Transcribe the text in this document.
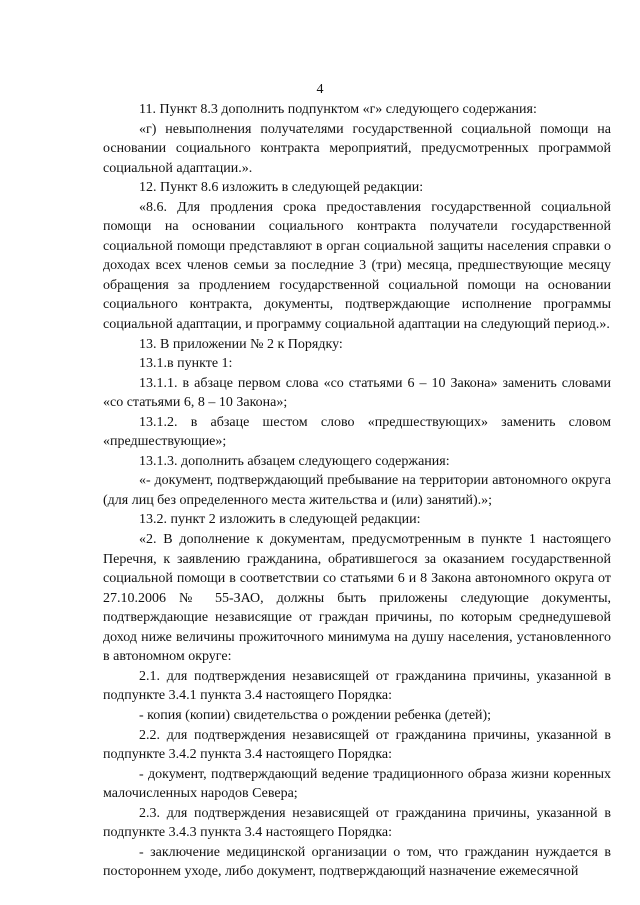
4

11. Пункт 8.3 дополнить подпунктом «г» следующего содержания:

«г) невыполнения получателями государственной социальной помощи на основании социального контракта мероприятий, предусмотренных программой социальной адаптации.».

12. Пункт 8.6 изложить в следующей редакции:

«8.6. Для продления срока предоставления государственной социальной помощи на основании социального контракта получатели государственной социальной помощи представляют в орган социальной защиты населения справки о доходах всех членов семьи за последние 3 (три) месяца, предшествующие месяцу обращения за продлением государственной социальной помощи на основании социального контракта, документы, подтверждающие исполнение программы социальной адаптации, и программу социальной адаптации на следующий период.».

13. В приложении № 2 к Порядку:

13.1.в пункте 1:

13.1.1. в абзаце первом слова «со статьями 6 – 10 Закона» заменить словами «со статьями 6, 8 – 10 Закона»;

13.1.2. в абзаце шестом слово «предшествующих» заменить словом «предшествующие»;

13.1.3. дополнить абзацем следующего содержания:

«- документ, подтверждающий пребывание на территории автономного округа (для лиц без определенного места жительства и (или) занятий).»;

13.2. пункт 2 изложить в следующей редакции:

«2. В дополнение к документам, предусмотренным в пункте 1 настоящего Перечня, к заявлению гражданина, обратившегося за оказанием государственной социальной помощи в соответствии со статьями 6 и 8 Закона автономного округа от 27.10.2006 № 55-ЗАО, должны быть приложены следующие документы, подтверждающие независящие от граждан причины, по которым среднедушевой доход ниже величины прожиточного минимума на душу населения, установленного в автономном округе:

2.1. для подтверждения независящей от гражданина причины, указанной в подпункте 3.4.1 пункта 3.4 настоящего Порядка:

- копия (копии) свидетельства о рождении ребенка (детей);

2.2. для подтверждения независящей от гражданина причины, указанной в подпункте 3.4.2 пункта 3.4 настоящего Порядка:

- документ, подтверждающий ведение традиционного образа жизни коренных малочисленных народов Севера;

2.3. для подтверждения независящей от гражданина причины, указанной в подпункте 3.4.3 пункта 3.4 настоящего Порядка:

- заключение медицинской организации о том, что гражданин нуждается в постороннем уходе, либо документ, подтверждающий назначение ежемесячной
